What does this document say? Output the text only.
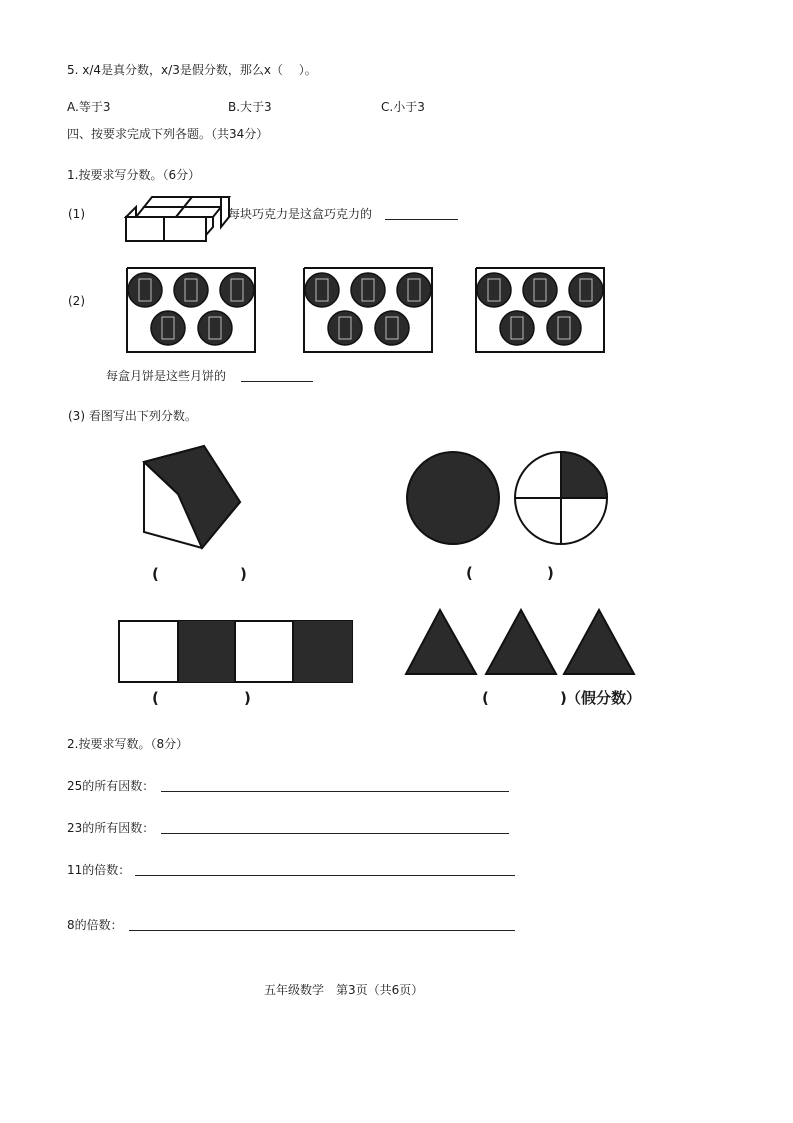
5. x/4是真分数，x/3是假分数，那么x（　 ）。
A.等于3	B.大于3	C.小于3
四、按要求完成下列各题。（共34分）
1.按要求写分数。（6分）
(1)	每块巧克力是这盒巧克力的
(2)
每盒月饼是这些月饼的
(3) 看图写出下列分数。
(	)	(	)
(	)	(	) （假分数）
2.按要求写数。（8分）
25的所有因数：
23的所有因数：
11的倍数：
8的倍数：
五年级数学　第3页（共6页）
